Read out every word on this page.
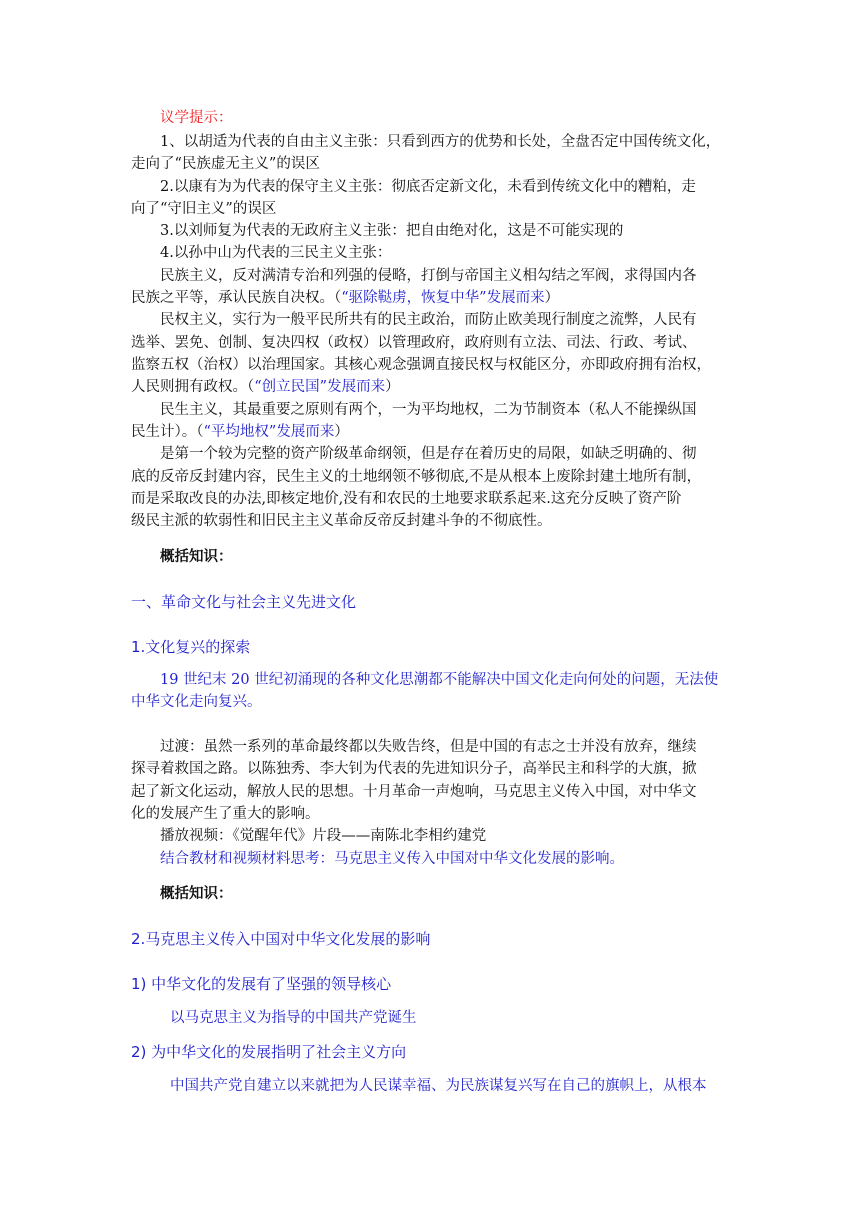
议学提示：
1、以胡适为代表的自由主义主张：只看到西方的优势和长处，全盘否定中国传统文化，
走向了“民族虚无主义”的误区
2.以康有为为代表的保守主义主张：彻底否定新文化，未看到传统文化中的糟粕，走
向了“守旧主义”的误区
3.以刘师复为代表的无政府主义主张：把自由绝对化，这是不可能实现的
4.以孙中山为代表的三民主义主张：
民族主义，反对满清专治和列强的侵略，打倒与帝国主义相勾结之军阀，求得国内各
民族之平等，承认民族自决权。（“驱除鞑虏，恢复中华”发展而来）
民权主义，实行为一般平民所共有的民主政治，而防止欧美现行制度之流弊，人民有
选举、罢免、创制、复决四权（政权）以管理政府，政府则有立法、司法、行政、考试、
监察五权（治权）以治理国家。其核心观念强调直接民权与权能区分，亦即政府拥有治权，
人民则拥有政权。（“创立民国”发展而来）
民生主义，其最重要之原则有两个，一为平均地权，二为节制资本（私人不能操纵国
民生计）。（“平均地权”发展而来）
是第一个较为完整的资产阶级革命纲领，但是存在着历史的局限，如缺乏明确的、彻
底的反帝反封建内容，民生主义的土地纲领不够彻底,不是从根本上废除封建土地所有制，
而是采取改良的办法,即核定地价,没有和农民的土地要求联系起来.这充分反映了资产阶
级民主派的软弱性和旧民主主义革命反帝反封建斗争的不彻底性。
概括知识：
一、革命文化与社会主义先进文化
1.文化复兴的探索
19 世纪末 20 世纪初涌现的各种文化思潮都不能解决中国文化走向何处的问题，无法使
中华文化走向复兴。
过渡：虽然一系列的革命最终都以失败告终，但是中国的有志之士并没有放弃，继续
探寻着救国之路。以陈独秀、李大钊为代表的先进知识分子，高举民主和科学的大旗，掀
起了新文化运动，解放人民的思想。十月革命一声炮响，马克思主义传入中国，对中华文
化的发展产生了重大的影响。
播放视频：《觉醒年代》片段——南陈北李相约建党
结合教材和视频材料思考：马克思主义传入中国对中华文化发展的影响。
概括知识：
2.马克思主义传入中国对中华文化发展的影响
1) 中华文化的发展有了坚强的领导核心
以马克思主义为指导的中国共产党诞生
2) 为中华文化的发展指明了社会主义方向
中国共产党自建立以来就把为人民谋幸福、为民族谋复兴写在自己的旗帜上，从根本
